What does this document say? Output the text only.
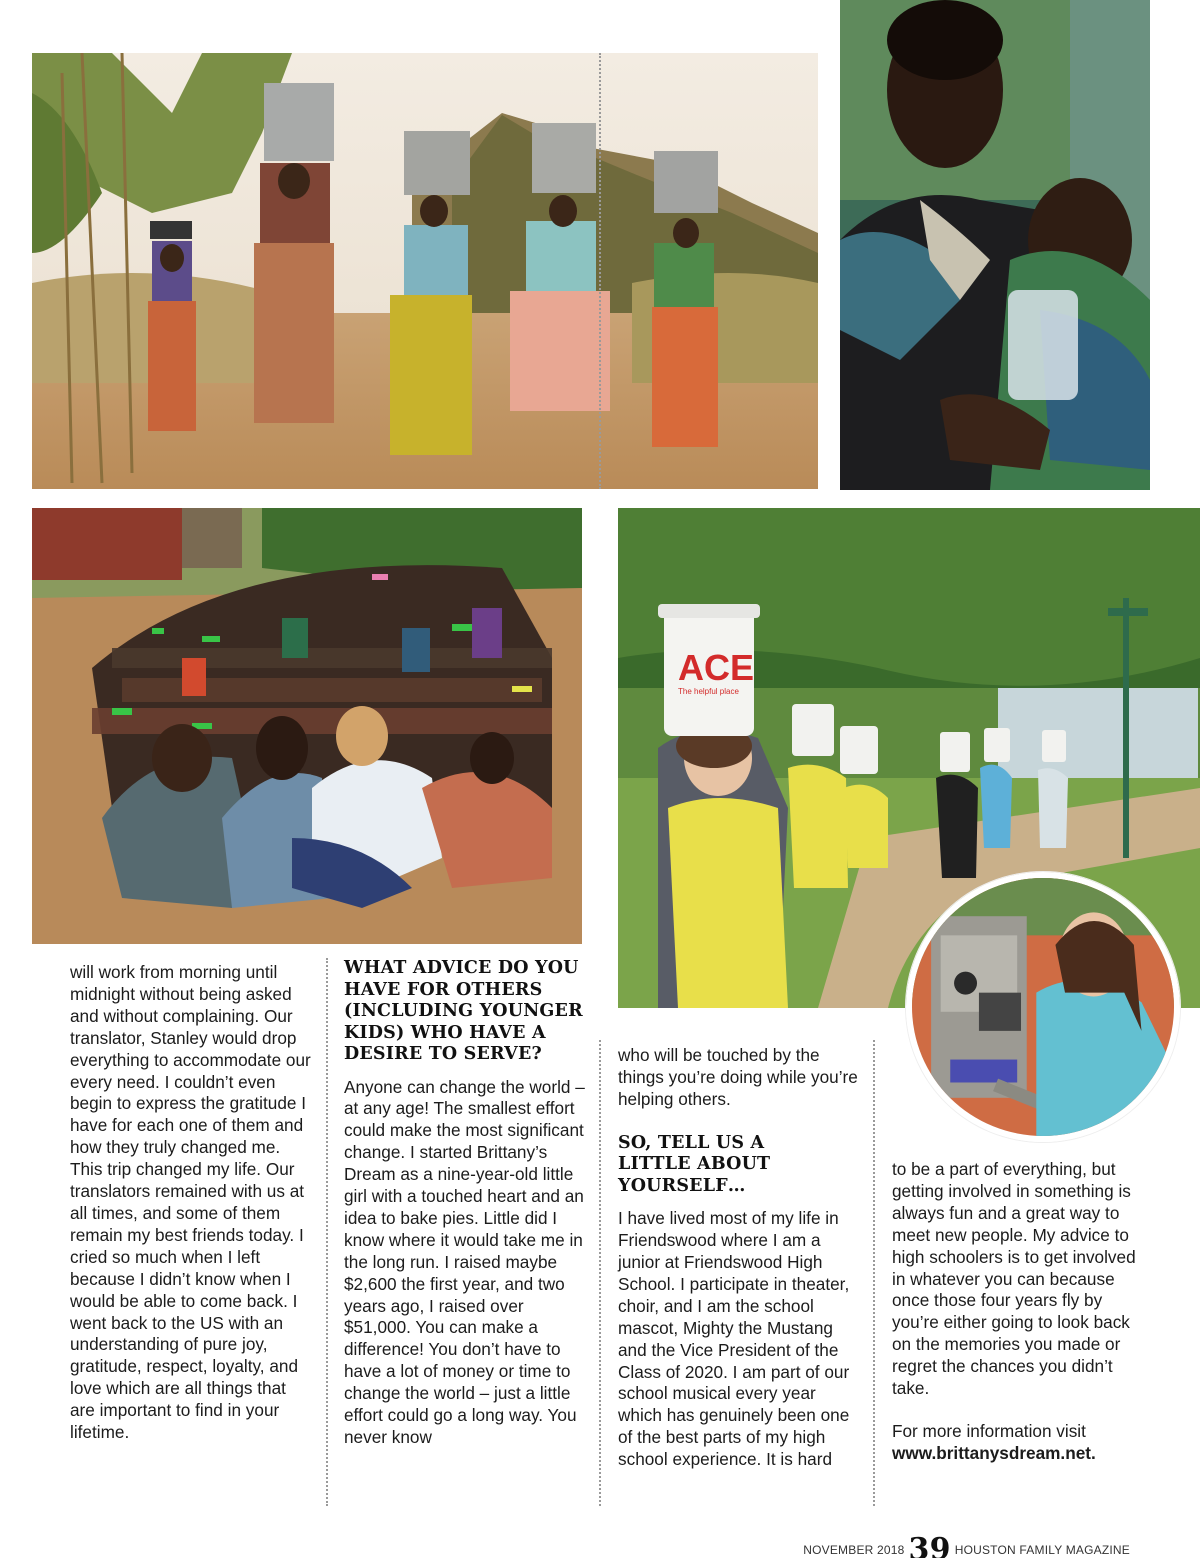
ACE
The helpful place

will work from morning until midnight without being asked and without complaining. Our translator, Stanley would drop everything to accommodate our every need. I couldn’t even begin to express the gratitude I have for each one of them and how they truly changed me. This trip changed my life. Our translators remained with us at all times, and some of them remain my best friends today. I cried so much when I left because I didn’t know when I would be able to come back. I went back to the US with an understanding of pure joy, gratitude, respect, loyalty, and love which are all things that are important to find in your lifetime.

WHAT ADVICE DO YOU HAVE FOR OTHERS (INCLUDING YOUNGER KIDS) WHO HAVE A DESIRE TO SERVE?

Anyone can change the world – at any age! The smallest effort could make the most significant change. I started Brittany’s Dream as a nine-year-old little girl with a touched heart and an idea to bake pies. Little did I know where it would take me in the long run. I raised maybe $2,600 the first year, and two years ago, I raised over $51,000. You can make a difference! You don’t have to have a lot of money or time to change the world – just a little effort could go a long way. You never know

who will be touched by the things you’re doing while you’re helping others.

SO, TELL US A LITTLE ABOUT YOURSELF…

I have lived most of my life in Friendswood where I am a junior at Friendswood High School. I participate in theater, choir, and I am the school mascot, Mighty the Mustang and the Vice President of the Class of 2020. I am part of our school musical every year which has genuinely been one of the best parts of my high school experience. It is hard

to be a part of everything, but getting involved in something is always fun and a great way to meet new people. My advice to high schoolers is to get involved in whatever you can because once those four years fly by you’re either going to look back on the memories you made or regret the chances you didn’t take.

For more information visit
www.brittanysdream.net.

NOVEMBER 2018 39 HOUSTON FAMILY MAGAZINE
